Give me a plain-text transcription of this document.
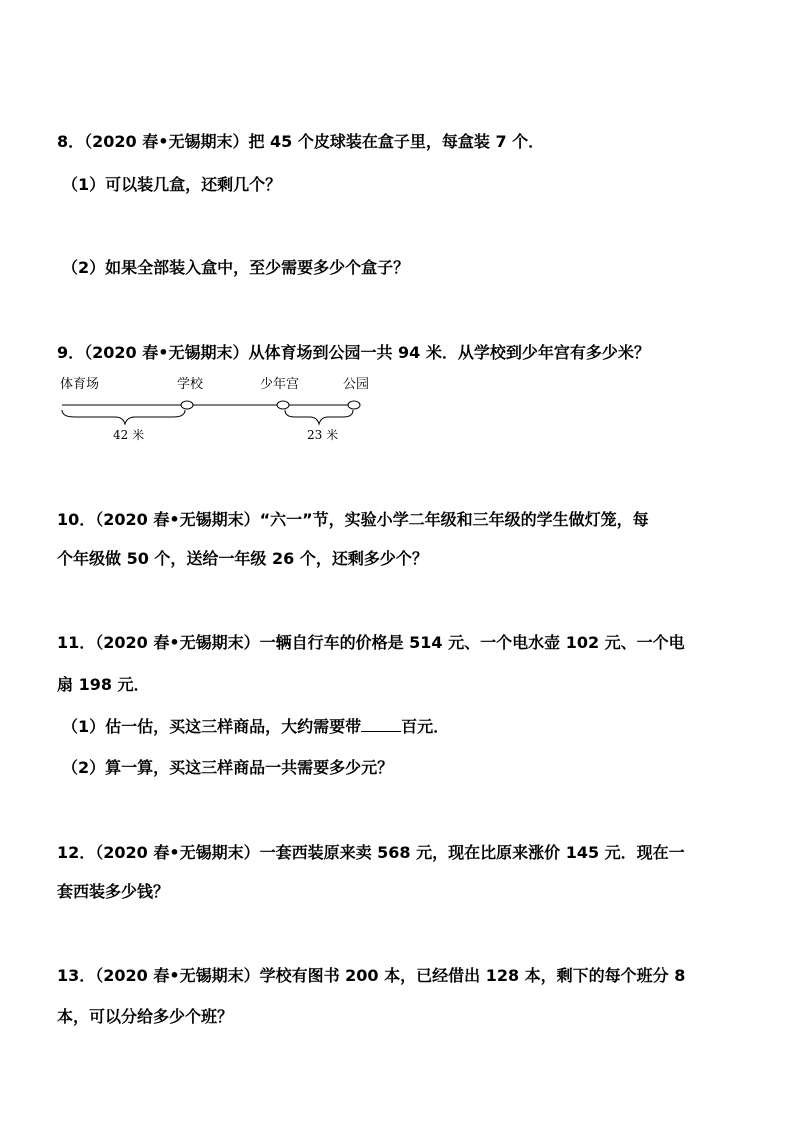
8．（2020 春•无锡期末）把 45 个皮球装在盒子里，每盒装 7 个．
（1）可以装几盒，还剩几个？
（2）如果全部装入盒中，至少需要多少个盒子？
9．（2020 春•无锡期末）从体育场到公园一共 94 米．从学校到少年宫有多少米？
体育场	学校	少年宫	公园
42 米	23 米
10．（2020 春•无锡期末）“六一”节，实验小学二年级和三年级的学生做灯笼，每
个年级做 50 个，送给一年级 26 个，还剩多少个？
11．（2020 春•无锡期末）一辆自行车的价格是 514 元、一个电水壶 102 元、一个电
扇 198 元．
（1）估一估，买这三样商品，大约需要带	百元．
（2）算一算，买这三样商品一共需要多少元？
12．（2020 春•无锡期末）一套西装原来卖 568 元，现在比原来涨价 145 元．现在一
套西装多少钱？
13．（2020 春•无锡期末）学校有图书 200 本，已经借出 128 本，剩下的每个班分 8
本，可以分给多少个班？
